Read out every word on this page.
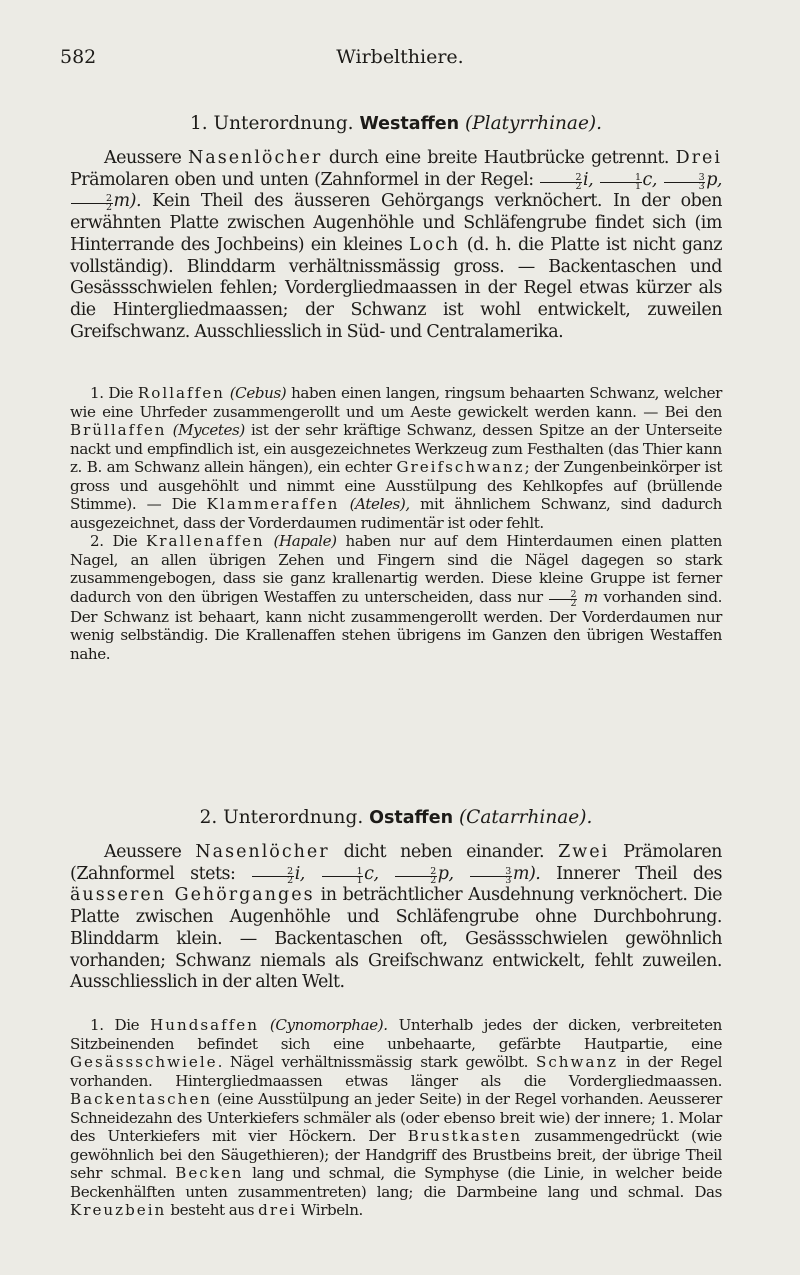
582	Wirbelthiere.
1. Unterordnung. Westaffen (Platyrrhinae).

Aeussere Nasenlöcher durch eine breite Hautbrücke getrennt. Drei Prämolaren oben und unten (Zahnformel in der Regel: $\frac{2}{2} i$, $\frac{1}{1} c$, $\frac{3}{3} p$,
$\frac{2}{2} m$). Kein Theil des äusseren Gehörgangs verknöchert. In der oben erwähnten Platte zwischen Augenhöhle und Schläfengrube findet sich (im Hinterrande des Jochbeins) ein kleines Loch (d. h. die Platte ist nicht ganz vollständig). Blinddarm verhältnissmässig gross. — Backentaschen und Gesässschwielen fehlen; Vordergliedmaassen in der Regel etwas kürzer als die Hintergliedmaassen; der Schwanz ist wohl entwickelt, zuweilen Greifschwanz. Ausschliesslich in Süd- und Centralamerika.

1. Die Rollaffen (Cebus) haben einen langen, ringsum behaarten Schwanz, welcher wie eine Uhrfeder zusammengerollt und um Aeste gewickelt werden kann. — Bei den Brüllaffen (Mycetes) ist der sehr kräftige Schwanz, dessen Spitze an der Unterseite nackt und empfindlich ist, ein ausgezeichnetes Werkzeug zum Festhalten (das Thier kann z. B. am Schwanz allein hängen), ein echter Greifschwanz; der Zungenbeinkörper ist gross und ausgehöhlt und nimmt eine Ausstülpung des Kehlkopfes auf (brüllende Stimme). — Die Klammeraffen (Ateles), mit ähnlichem Schwanz, sind dadurch ausgezeichnet, dass der Vorderdaumen rudimentär ist oder fehlt.

2. Die Krallenaffen (Hapale) haben nur auf dem Hinterdaumen einen platten Nagel, an allen übrigen Zehen und Fingern sind die Nägel dagegen so stark zusammengebogen, dass sie ganz krallenartig werden. Diese kleine Gruppe ist ferner dadurch von den übrigen Westaffen zu unterscheiden, dass nur $\frac{2}{2}$ m vorhanden sind. Der Schwanz ist behaart, kann nicht zusammengerollt werden. Der Vorderdaumen nur wenig selbständig. Die Krallenaffen stehen übrigens im Ganzen den übrigen Westaffen nahe.

2. Unterordnung. Ostaffen (Catarrhinae).

Aeussere Nasenlöcher dicht neben einander. Zwei Prämolaren (Zahnformel stets: $\frac{2}{2} i$, $\frac{1}{1} c$, $\frac{2}{2} p$, $\frac{3}{3} m$). Innerer Theil des äusseren Gehörganges in beträchtlicher Ausdehnung verknöchert. Die Platte zwischen Augenhöhle und Schläfengrube ohne Durchbohrung. Blinddarm klein. — Backentaschen oft, Gesässschwielen gewöhnlich vorhanden; Schwanz niemals als Greifschwanz entwickelt, fehlt zuweilen. Ausschliesslich in der alten Welt.

1. Die Hundsaffen (Cynomorphae). Unterhalb jedes der dicken, verbreiteten Sitzbeinenden befindet sich eine unbehaarte, gefärbte Hautpartie, eine Gesässschwiele. Nägel verhältnissmässig stark gewölbt. Schwanz in der Regel vorhanden. Hintergliedmaassen etwas länger als die Vordergliedmaassen. Backentaschen (eine Ausstülpung an jeder Seite) in der Regel vorhanden. Aeusserer Schneidezahn des Unterkiefers schmäler als (oder ebenso breit wie) der innere; 1. Molar des Unterkiefers mit vier Höckern. Der Brustkasten zusammengedrückt (wie gewöhnlich bei den Säugethieren); der Handgriff des Brustbeins breit, der übrige Theil sehr schmal. Becken lang und schmal, die Symphyse (die Linie, in welcher beide Beckenhälften unten zusammentreten) lang; die Darmbeine lang und schmal. Das Kreuzbein besteht aus drei Wirbeln.
